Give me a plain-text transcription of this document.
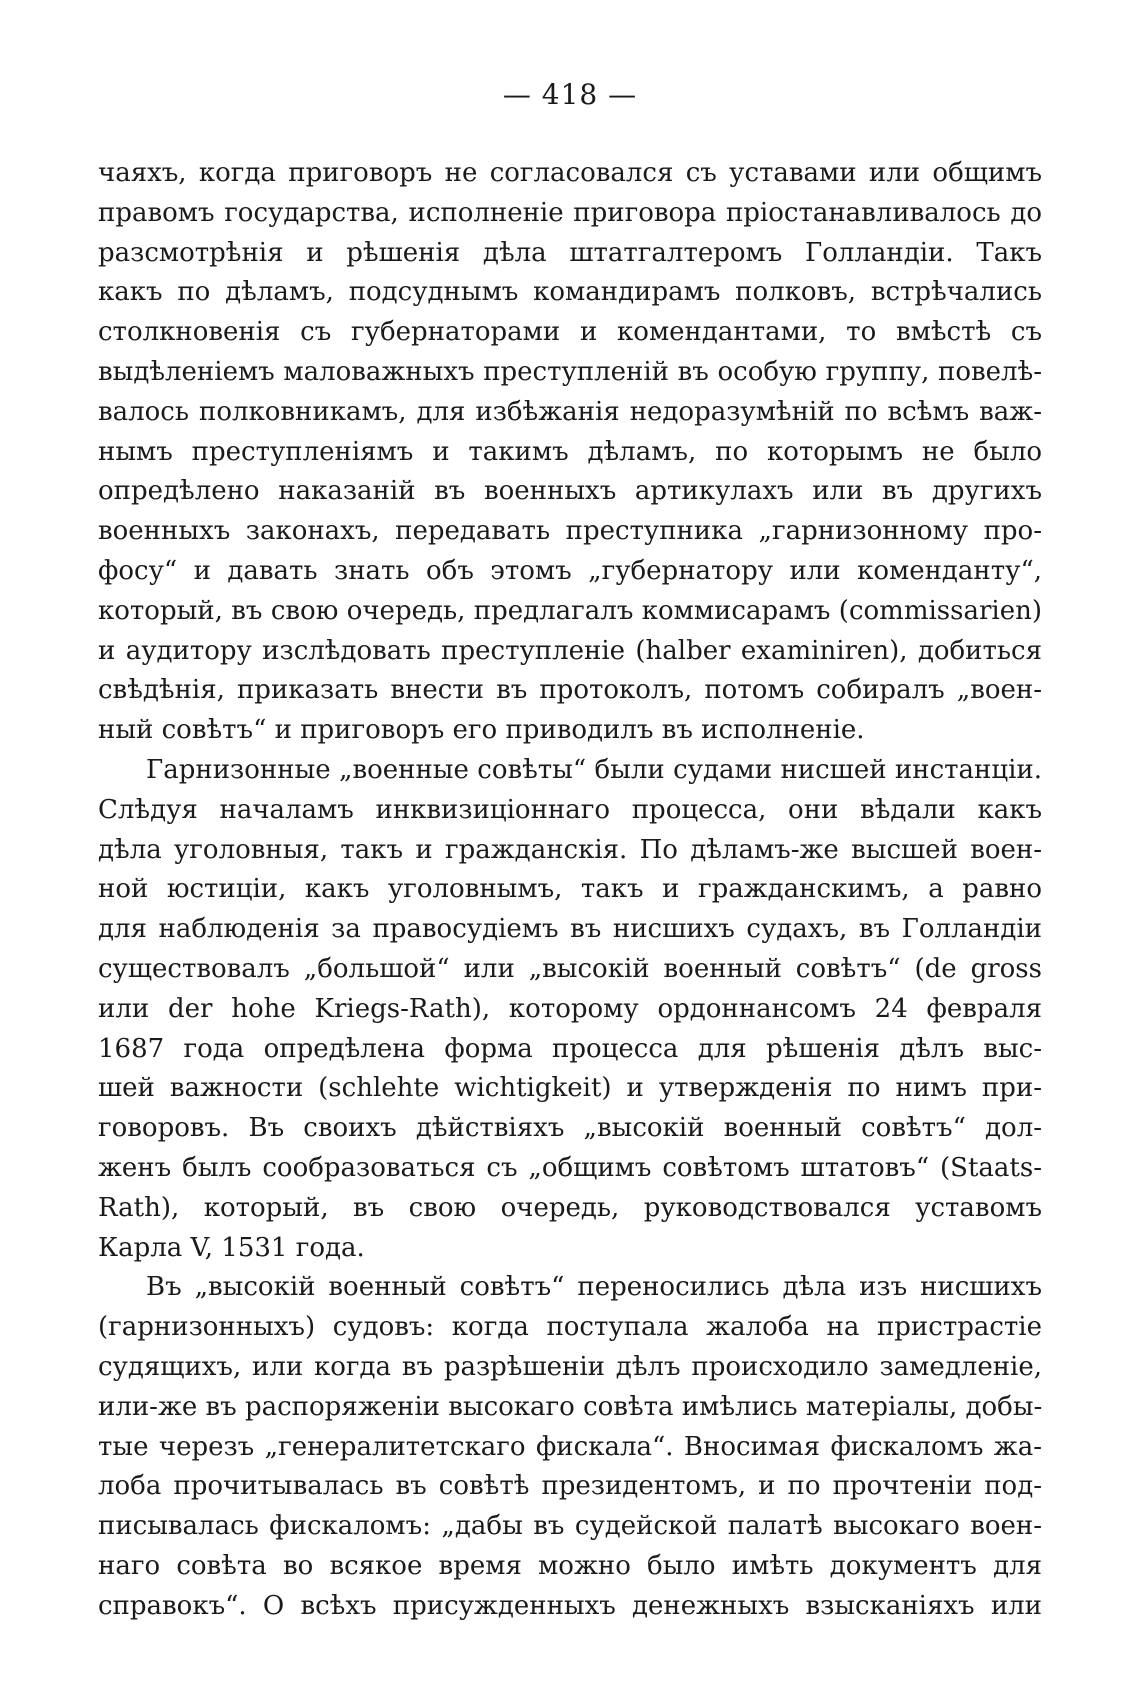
— 418 —
чаяхъ, когда приговоръ не согласовался съ уставами или общимъ
правомъ государства, исполненіе приговора пріостанавливалось до
разсмотрѣнія и рѣшенія дѣла штатгалтеромъ Голландіи. Такъ
какъ по дѣламъ, подсуднымъ командирамъ полковъ, встрѣчались
столкновенія съ губернаторами и комендантами, то вмѣстѣ съ
выдѣленіемъ маловажныхъ преступленій въ особую группу, повелѣ-
валось полковникамъ, для избѣжанія недоразумѣній по всѣмъ важ-
нымъ преступленіямъ и такимъ дѣламъ, по которымъ не было
опредѣлено наказаній въ военныхъ артикулахъ или въ другихъ
военныхъ законахъ, передавать преступника „гарнизонному про-
фосу“ и давать знать объ этомъ „губернатору или коменданту“,
который, въ свою очередь, предлагалъ коммисарамъ (commissarien)
и аудитору изслѣдовать преступленіе (halber examiniren), добиться
свѣдѣнія, приказать внести въ протоколъ, потомъ собиралъ „воен-
ный совѣтъ“ и приговоръ его приводилъ въ исполненіе.
Гарнизонные „военные совѣты“ были судами нисшей инстанціи.
Слѣдуя началамъ инквизиціоннаго процесса, они вѣдали какъ
дѣла уголовныя, такъ и гражданскія. По дѣламъ-же высшей воен-
ной юстиціи, какъ уголовнымъ, такъ и гражданскимъ, а равно
для наблюденія за правосудіемъ въ нисшихъ судахъ, въ Голландіи
существовалъ „большой“ или „высокій военный совѣтъ“ (de gross
или der hohe Kriegs-Rath), которому ордоннансомъ 24 февраля
1687 года опредѣлена форма процесса для рѣшенія дѣлъ выс-
шей важности (schlehte wichtigkeit) и утвержденія по нимъ при-
говоровъ. Въ своихъ дѣйствіяхъ „высокій военный совѣтъ“ дол-
женъ былъ сообразоваться съ „общимъ совѣтомъ штатовъ“ (Staats-
Rath), который, въ свою очередь, руководствовался уставомъ
Карла V, 1531 года.
Въ „высокій военный совѣтъ“ переносились дѣла изъ нисшихъ
(гарнизонныхъ) судовъ: когда поступала жалоба на пристрастіе
судящихъ, или когда въ разрѣшеніи дѣлъ происходило замедленіе,
или-же въ распоряженіи высокаго совѣта имѣлись матеріалы, добы-
тые черезъ „генералитетскаго фискала“. Вносимая фискаломъ жа-
лоба прочитывалась въ совѣтѣ президентомъ, и по прочтеніи под-
писывалась фискаломъ: „дабы въ судейской палатѣ высокаго воен-
наго совѣта во всякое время можно было имѣть документъ для
справокъ“. О всѣхъ присужденныхъ денежныхъ взысканіяхъ или
